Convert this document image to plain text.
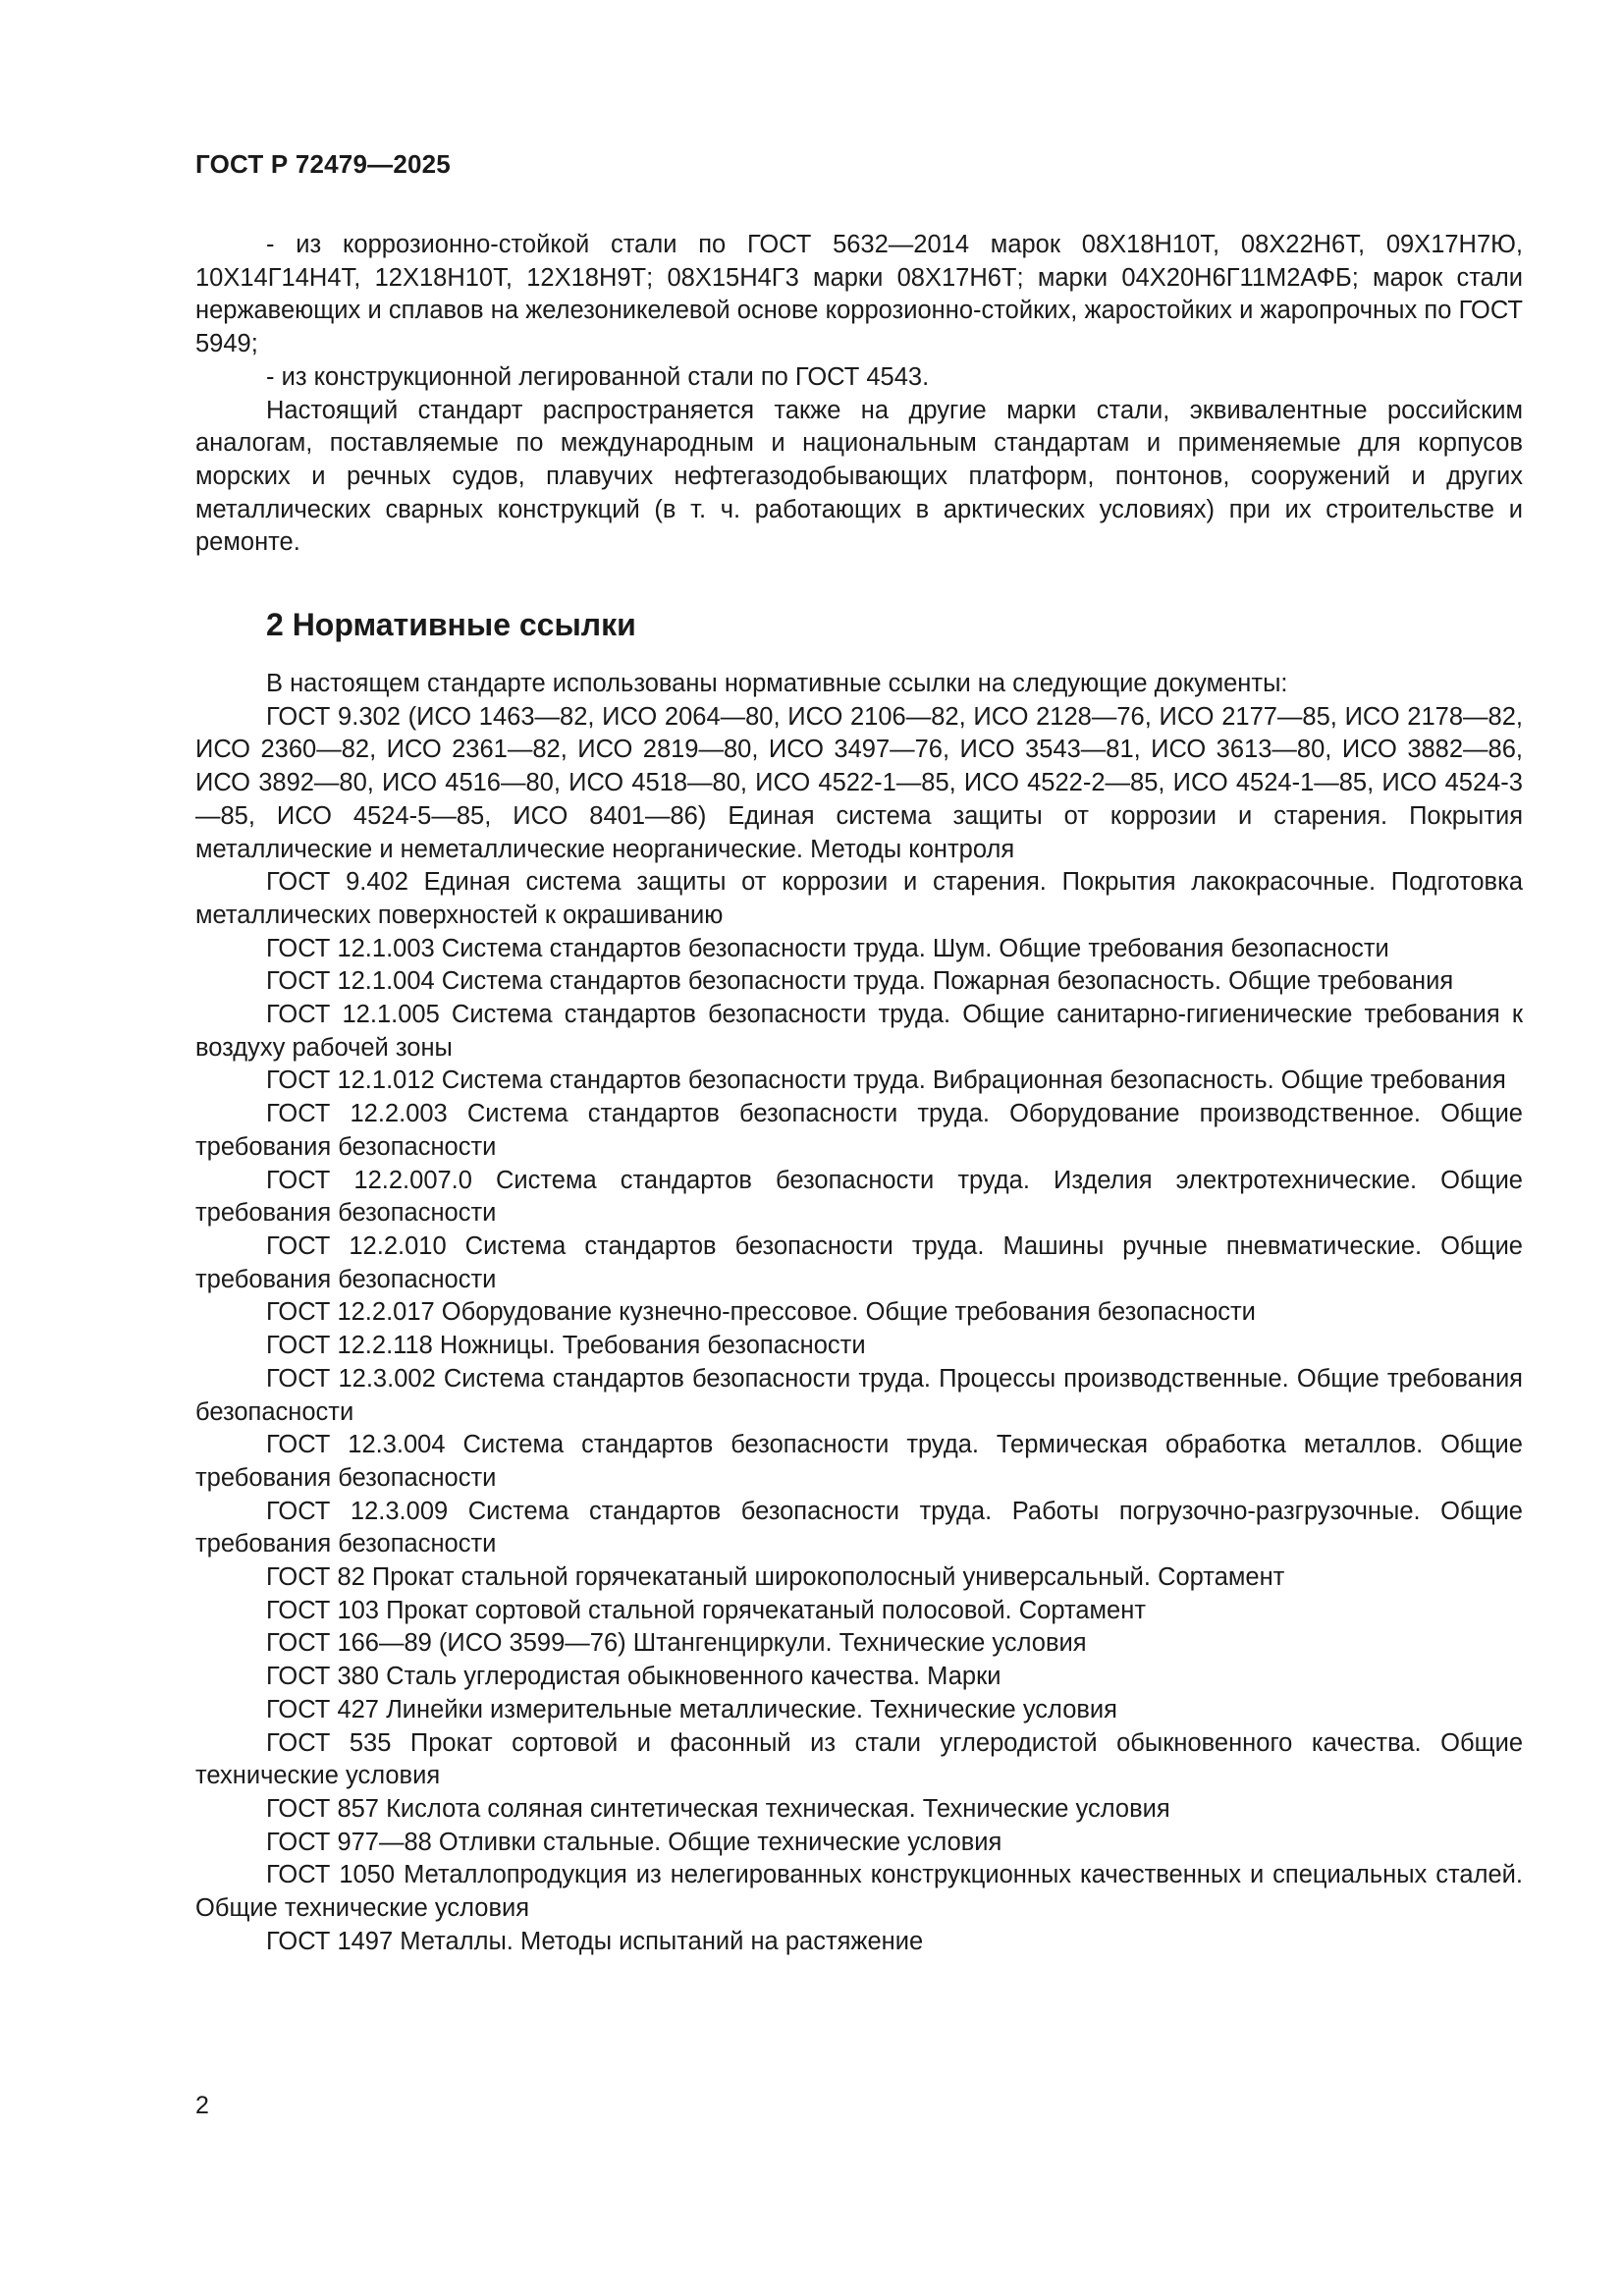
ГОСТ Р 72479—2025

- из коррозионно-стойкой стали по ГОСТ 5632—2014 марок 08Х18Н10Т, 08Х22Н6Т, 09Х17Н7Ю, 10Х14Г14Н4Т, 12Х18Н10Т, 12Х18Н9Т; 08Х15Н4Г3 марки 08Х17Н6Т; марки 04Х20Н6Г11М2АФБ; марок стали нержавеющих и сплавов на железоникелевой основе коррозионно-стойких, жаростойких и жаропрочных по ГОСТ 5949;

- из конструкционной легированной стали по ГОСТ 4543.

Настоящий стандарт распространяется также на другие марки стали, эквивалентные российским аналогам, поставляемые по международным и национальным стандартам и применяемые для корпусов морских и речных судов, плавучих нефтегазодобывающих платформ, понтонов, сооружений и других металлических сварных конструкций (в т. ч. работающих в арктических условиях) при их строительстве и ремонте.

2 Нормативные ссылки

В настоящем стандарте использованы нормативные ссылки на следующие документы:

ГОСТ 9.302 (ИСО 1463—82, ИСО 2064—80, ИСО 2106—82, ИСО 2128—76, ИСО 2177—85, ИСО 2178—82, ИСО 2360—82, ИСО 2361—82, ИСО 2819—80, ИСО 3497—76, ИСО 3543—81, ИСО 3613—80, ИСО 3882—86, ИСО 3892—80, ИСО 4516—80, ИСО 4518—80, ИСО 4522-1—85, ИСО 4522-2—85, ИСО 4524-1—85, ИСО 4524-3—85, ИСО 4524-5—85, ИСО 8401—86) Единая система защиты от коррозии и старения. Покрытия металлические и неметаллические неорганические. Методы контроля

ГОСТ 9.402 Единая система защиты от коррозии и старения. Покрытия лакокрасочные. Подготовка металлических поверхностей к окрашиванию

ГОСТ 12.1.003 Система стандартов безопасности труда. Шум. Общие требования безопасности

ГОСТ 12.1.004 Система стандартов безопасности труда. Пожарная безопасность. Общие требования

ГОСТ 12.1.005 Система стандартов безопасности труда. Общие санитарно-гигиенические требования к воздуху рабочей зоны

ГОСТ 12.1.012 Система стандартов безопасности труда. Вибрационная безопасность. Общие требования

ГОСТ 12.2.003 Система стандартов безопасности труда. Оборудование производственное. Общие требования безопасности

ГОСТ 12.2.007.0 Система стандартов безопасности труда. Изделия электротехнические. Общие требования безопасности

ГОСТ 12.2.010 Система стандартов безопасности труда. Машины ручные пневматические. Общие требования безопасности

ГОСТ 12.2.017 Оборудование кузнечно-прессовое. Общие требования безопасности

ГОСТ 12.2.118 Ножницы. Требования безопасности

ГОСТ 12.3.002 Система стандартов безопасности труда. Процессы производственные. Общие требования безопасности

ГОСТ 12.3.004 Система стандартов безопасности труда. Термическая обработка металлов. Общие требования безопасности

ГОСТ 12.3.009 Система стандартов безопасности труда. Работы погрузочно-разгрузочные. Общие требования безопасности

ГОСТ 82 Прокат стальной горячекатаный широкополосный универсальный. Сортамент

ГОСТ 103 Прокат сортовой стальной горячекатаный полосовой. Сортамент

ГОСТ 166—89 (ИСО 3599—76) Штангенциркули. Технические условия

ГОСТ 380 Сталь углеродистая обыкновенного качества. Марки

ГОСТ 427 Линейки измерительные металлические. Технические условия

ГОСТ 535 Прокат сортовой и фасонный из стали углеродистой обыкновенного качества. Общие технические условия

ГОСТ 857 Кислота соляная синтетическая техническая. Технические условия

ГОСТ 977—88 Отливки стальные. Общие технические условия

ГОСТ 1050 Металлопродукция из нелегированных конструкционных качественных и специальных сталей. Общие технические условия

ГОСТ 1497 Металлы. Методы испытаний на растяжение

2
